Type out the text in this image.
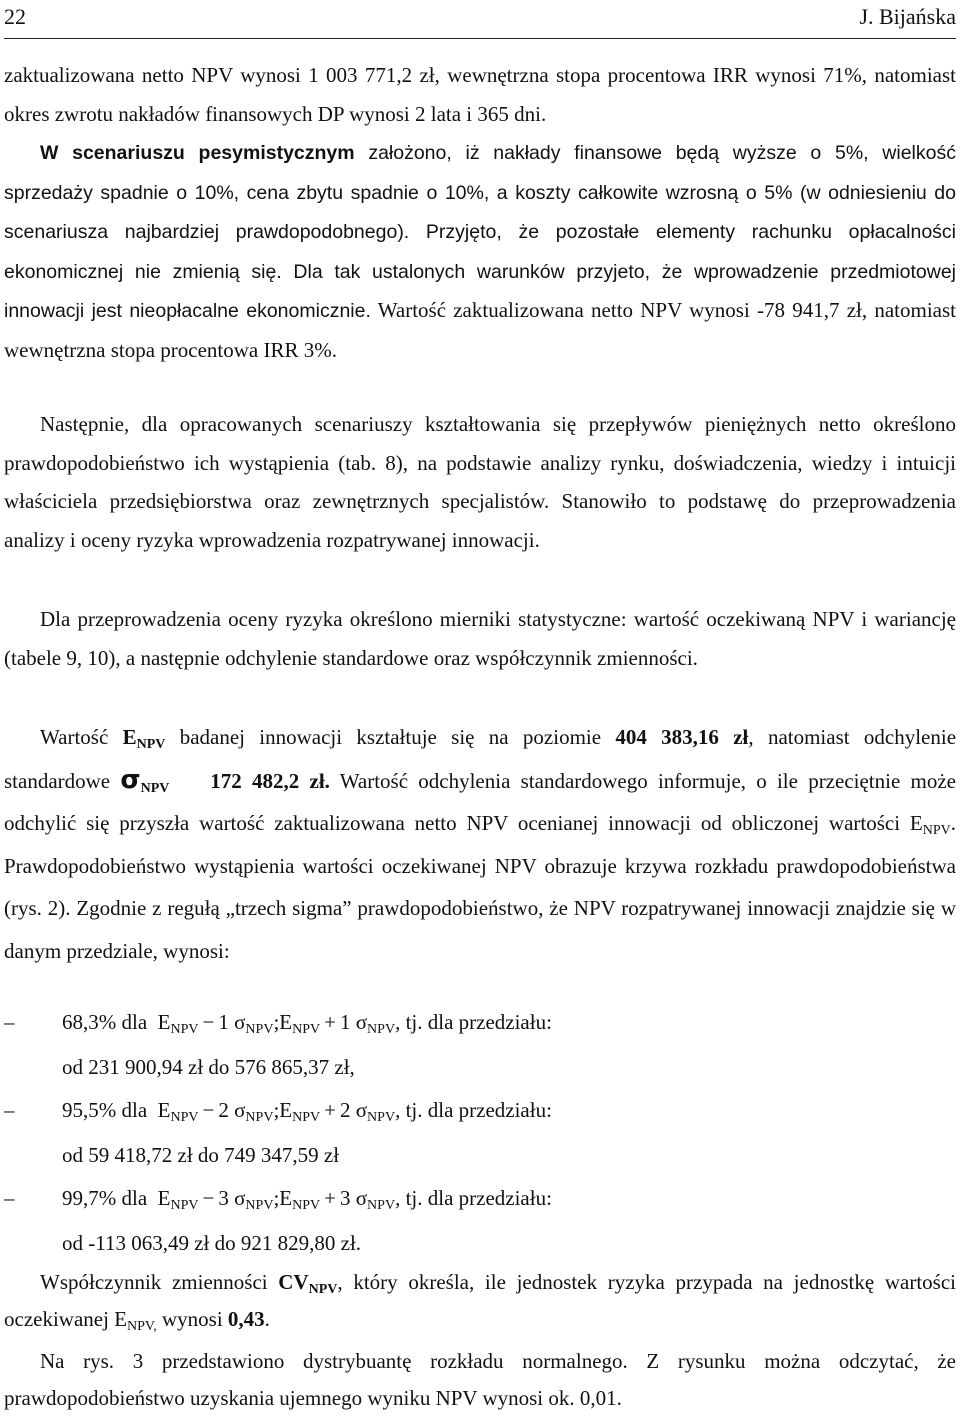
22	J. Bijańska
zaktualizowana netto NPV wynosi 1 003 771,2 zł, wewnętrzna stopa procentowa IRR wynosi 71%, natomiast okres zwrotu nakładów finansowych DP wynosi 2 lata i 365 dni.
W scenariuszu pesymistycznym założono, iż nakłady finansowe będą wyższe o 5%, wielkość sprzedaży spadnie o 10%, cena zbytu spadnie o 10%, a koszty całkowite wzrosną o 5% (w odniesieniu do scenariusza najbardziej prawdopodobnego). Przyjęto, że pozostałe elementy rachunku opłacalności ekonomicznej nie zmienią się. Dla tak ustalonych warunków przyjeto, że wprowadzenie przedmiotowej innowacji jest nieopłacalne ekonomicznie. Wartość zaktualizowana netto NPV wynosi -78 941,7 zł, natomiast wewnętrzna stopa procentowa IRR 3%.
Następnie, dla opracowanych scenariuszy kształtowania się przepływów pieniężnych netto określono prawdopodobieństwo ich wystąpienia (tab. 8), na podstawie analizy rynku, doświadczenia, wiedzy i intuicji właściciela przedsiębiorstwa oraz zewnętrznych specjalistów. Stanowiło to podstawę do przeprowadzenia analizy i oceny ryzyka wprowadzenia rozpatrywanej innowacji.
Dla przeprowadzenia oceny ryzyka określono mierniki statystyczne: wartość oczekiwaną NPV i wariancję (tabele 9, 10), a następnie odchylenie standardowe oraz współczynnik zmienności.
Wartość $E_{NPV}$ badanej innowacji kształtuje się na poziomie 404 383,16 zł, natomiast odchylenie standardowe $\sigma_{NPV}$ 172 482,2 zł. Wartość odchylenia standardowego informuje, o ile przeciętnie może odchylić się przyszła wartość zaktualizowana netto NPV ocenianej innowacji od obliczonej wartości $E_{NPV}$. Prawdopodobieństwo wystąpienia wartości oczekiwanej NPV obrazuje krzywa rozkładu prawdopodobieństwa (rys. 2). Zgodnie z regułą „trzech sigma” prawdopodobieństwo, że NPV rozpatrywanej innowacji znajdzie się w danym przedziale, wynosi:
–	68,3% dla $E_{NPV} - 1$ $\sigma_{NPV};E_{NPV} + 1$ $\sigma_{NPV}$, tj. dla przedziału:
od 231 900,94 zł do 576 865,37 zł,
–	95,5% dla $E_{NPV} - 2$ $\sigma_{NPV};E_{NPV} + 2$ $\sigma_{NPV}$, tj. dla przedziału:
od 59 418,72 zł do 749 347,59 zł
–	99,7% dla $E_{NPV} - 3$ $\sigma_{NPV};E_{NPV} + 3$ $\sigma_{NPV}$, tj. dla przedziału:
od -113 063,49 zł do 921 829,80 zł.
Współczynnik zmienności $CV_{NPV}$, który określa, ile jednostek ryzyka przypada na jednostkę wartości oczekiwanej $E_{NPV,}$ wynosi 0,43.
Na rys. 3 przedstawiono dystrybuantę rozkładu normalnego. Z rysunku można odczytać, że prawdopodobieństwo uzyskania ujemnego wyniku NPV wynosi ok. 0,01.
